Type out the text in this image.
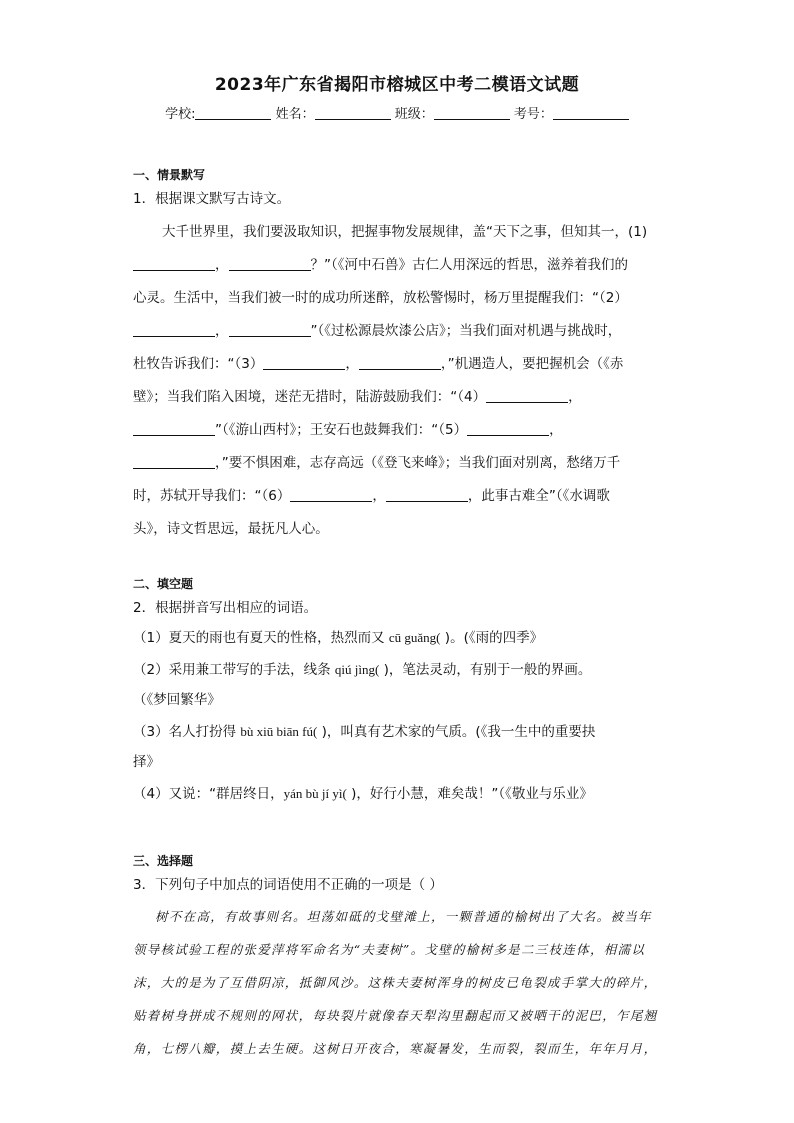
2023年广东省揭阳市榕城区中考二模语文试题
学校:	姓名：	班级：	考号：
一、情景默写
1．根据课文默写古诗文。
大千世界里，我们要汲取知识，把握事物发展规律，盖“天下之事，但知其一，(1)
，	？”（《河中石兽》古仁人用深远的哲思，滋养着我们的
心灵。生活中，当我们被一时的成功所迷醉，放松警惕时，杨万里提醒我们：“（2）
，	”（《过松源晨炊漆公店》；当我们面对机遇与挑战时，
杜牧告诉我们：“（3）	，	，”机遇造人，要把握机会（《赤
壁》；当我们陷入困境，迷茫无措时，陆游鼓励我们：“（4）	，
”（《游山西村》；王安石也鼓舞我们：“（5）	，
，”要不惧困难，志存高远（《登飞来峰》；当我们面对别离，愁绪万千
时，苏轼开导我们：“（6）	，	，此事古难全”（《水调歌
头》，诗文哲思远，最抚凡人心。
二、填空题
2．根据拼音写出相应的词语。
（1）夏天的雨也有夏天的性格，热烈而又 cū guǎng( )。(《雨的四季》
（2）采用兼工带写的手法，线条 qiú jìng( )，笔法灵动，有别于一般的界画。
（《梦回繁华》
（3）名人打扮得 bù xiū biān fú( )，叫真有艺术家的气质。(《我一生中的重要抉
择》
（4）又说：“群居终日，yán bù jí yì( )，好行小慧，难矣哉！”（《敬业与乐业》
三、选择题
3．下列句子中加点的词语使用不正确的一项是（ ）
树不在高，有故事则名。坦荡如砥的戈壁滩上，一颗普通的榆树出了大名。被当年
领导核试验工程的张爱萍将军命名为“夫妻树”。戈壁的榆树多是二三枝连体，相濡以
沫，大的是为了互借阴凉，抵御风沙。这株夫妻树浑身的树皮已龟裂成手掌大的碎片，
贴着树身拼成不规则的网状，每块裂片就像春天犁沟里翻起而又被晒干的泥巴，乍尾翘
角，七楞八瓣，摸上去生硬。这树日开夜合，寒凝暑发，生而裂，裂而生，年年月月，
